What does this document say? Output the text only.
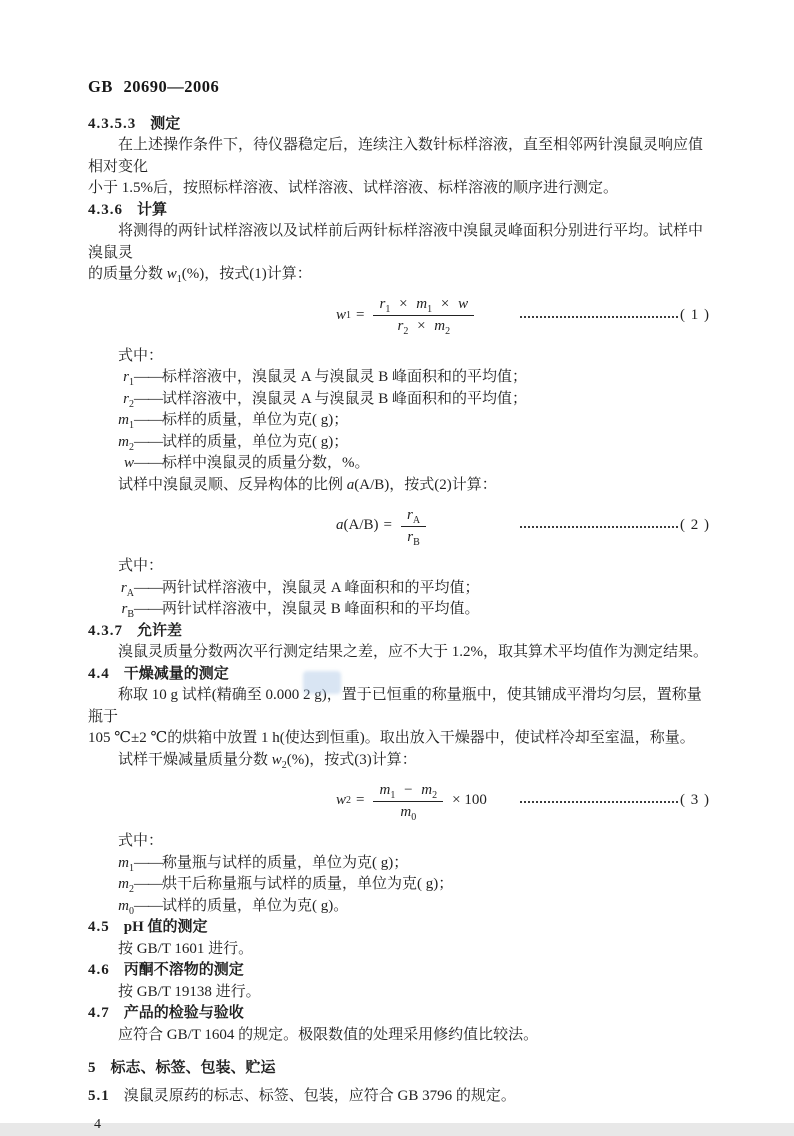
GB 20690—2006
4.3.5.3 测定
在上述操作条件下，待仪器稳定后，连续注入数针标样溶液，直至相邻两针溴鼠灵响应值相对变化
小于 1.5%后，按照标样溶液、试样溶液、试样溶液、标样溶液的顺序进行测定。
4.3.6 计算
将测得的两针试样溶液以及试样前后两针标样溶液中溴鼠灵峰面积分别进行平均。试样中溴鼠灵
的质量分数 $w_1(\%)$，按式(1)计算：
w $1 = \frac{r_1 \times m_1 \times w}{r_2 \times m_2}$	( 1 )
式中：
$r_1$ —— 标样溶液中，溴鼠灵 A 与溴鼠灵 B 峰面积和的平均值；
$r_2$ —— 试样溶液中，溴鼠灵 A 与溴鼠灵 B 峰面积和的平均值；
$m_1$ —— 标样的质量，单位为克( g)；
$m_2$ —— 试样的质量，单位为克( g)；
w —— 标样中溴鼠灵的质量分数，%。
试样中溴鼠灵顺、反异构体的比例 a(A/B)，按式(2)计算：
a $(A/B) = \frac{r_A}{r_B}$	( 2 )
式中：
$r_A$ —— 两针试样溶液中，溴鼠灵 A 峰面积和的平均值；
$r_B$ —— 两针试样溶液中，溴鼠灵 B 峰面积和的平均值。
4.3.7 允许差
溴鼠灵质量分数两次平行测定结果之差，应不大于 1.2%，取其算术平均值作为测定结果。
4.4 干燥减量的测定
称取 10 g 试样(精确至 0.000 2 g)，置于已恒重的称量瓶中，使其铺成平滑均匀层，置称量瓶于
105 ℃±2 ℃的烘箱中放置 1 h(使达到恒重)。取出放入干燥器中，使试样冷却至室温，称量。
试样干燥减量质量分数 $w_2(\%)$，按式(3)计算：
w $2 = \frac{m_1 - m_2}{m_0} \times 100$	( 3 )
式中：
$m_1$ —— 称量瓶与试样的质量，单位为克( g)；
$m_2$ —— 烘干后称量瓶与试样的质量，单位为克( g)；
$m_0$ —— 试样的质量，单位为克( g)。
4.5 pH 值的测定
按 GB/T 1601 进行。
4.6 丙酮不溶物的测定
按 GB/T 19138 进行。
4.7 产品的检验与验收
应符合 GB/T 1604 的规定。极限数值的处理采用修约值比较法。
5 标志、标签、包装、贮运
5.1 溴鼠灵原药的标志、标签、包装，应符合 GB 3796 的规定。
4
